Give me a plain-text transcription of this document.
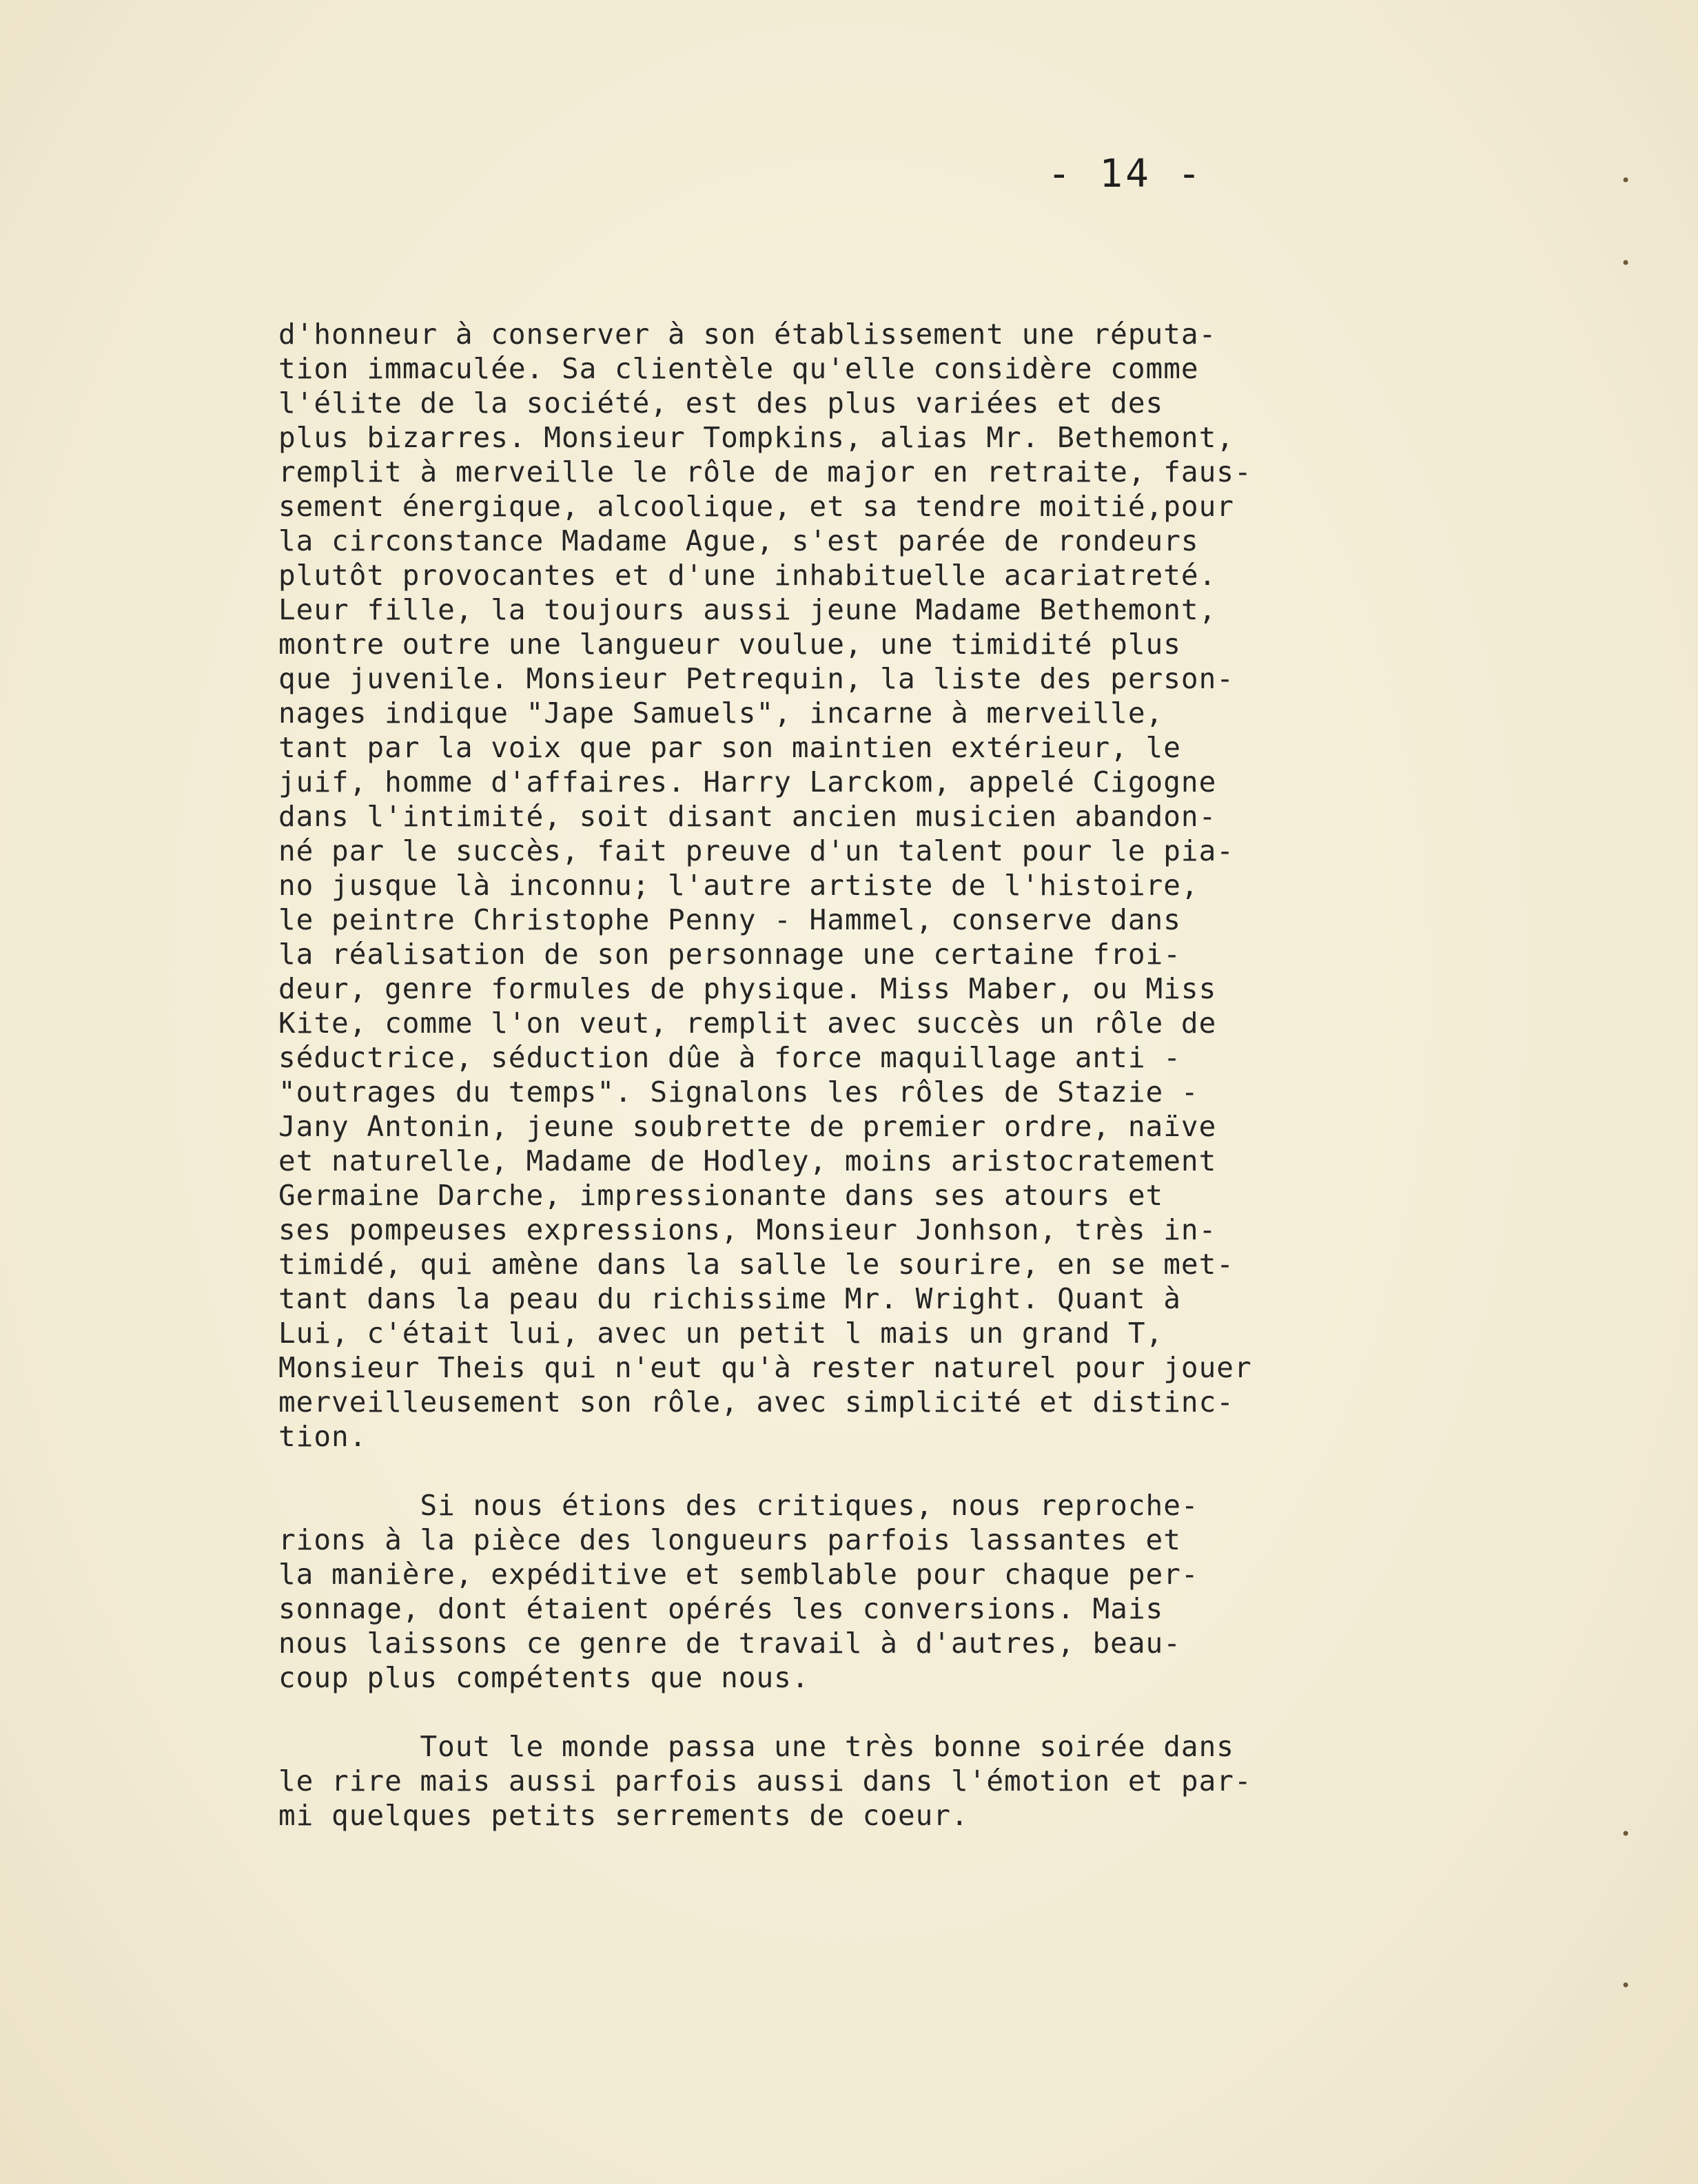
- 14 -	•
•
•
•
d'honneur à conserver à son établissement une réputa-
tion immaculée. Sa clientèle qu'elle considère comme
l'élite de la société, est des plus variées et des
plus bizarres. Monsieur Tompkins, alias Mr. Bethemont,
remplit à merveille le rôle de major en retraite, faus-
sement énergique, alcoolique, et sa tendre moitié,pour
la circonstance Madame Ague, s'est parée de rondeurs
plutôt provocantes et d'une inhabituelle acariatreté.
Leur fille, la toujours aussi jeune Madame Bethemont,
montre outre une langueur voulue, une timidité plus
que juvenile. Monsieur Petrequin, la liste des person-
nages indique "Jape Samuels", incarne à merveille,
tant par la voix que par son maintien extérieur, le
juif, homme d'affaires. Harry Larckom, appelé Cigogne
dans l'intimité, soit disant ancien musicien abandon-
né par le succès, fait preuve d'un talent pour le pia-
no jusque là inconnu; l'autre artiste de l'histoire,
le peintre Christophe Penny - Hammel, conserve dans
la réalisation de son personnage une certaine froi-
deur, genre formules de physique. Miss Maber, ou Miss
Kite, comme l'on veut, remplit avec succès un rôle de
séductrice, séduction dûe à force maquillage anti -
"outrages du temps". Signalons les rôles de Stazie -
Jany Antonin, jeune soubrette de premier ordre, naïve
et naturelle, Madame de Hodley, moins aristocratement
Germaine Darche, impressionante dans ses atours et
ses pompeuses expressions, Monsieur Jonhson, très in-
timidé, qui amène dans la salle le sourire, en se met-
tant dans la peau du richissime Mr. Wright. Quant à
Lui, c'était lui, avec un petit l mais un grand T,
Monsieur Theis qui n'eut qu'à rester naturel pour jouer
merveilleusement son rôle, avec simplicité et distinc-
tion.
Si nous étions des critiques, nous reproche-
rions à la pièce des longueurs parfois lassantes et
la manière, expéditive et semblable pour chaque per-
sonnage, dont étaient opérés les conversions. Mais
nous laissons ce genre de travail à d'autres, beau-
coup plus compétents que nous.
Tout le monde passa une très bonne soirée dans
le rire mais aussi parfois aussi dans l'émotion et par-
mi quelques petits serrements de coeur.
